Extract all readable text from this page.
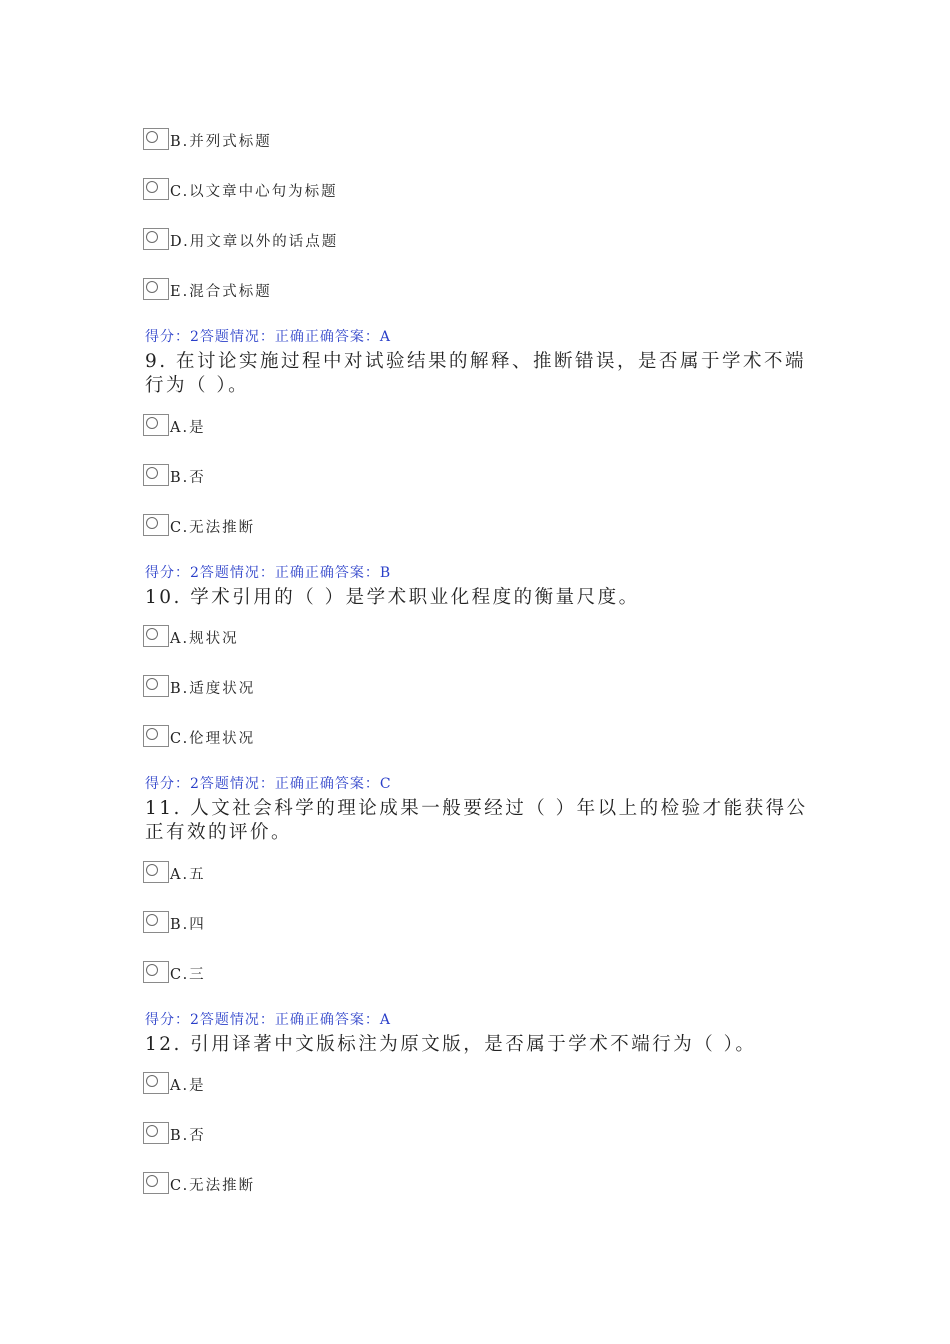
B.并列式标题
C.以文章中心句为标题
D.用文章以外的话点题
E.混合式标题
得分：2答题情况：正确正确答案：A
9. 在讨论实施过程中对试验结果的解释、推断错误，是否属于学术不端行为（ ）。
A.是
B.否
C.无法推断
得分：2答题情况：正确正确答案：B
10. 学术引用的（ ）是学术职业化程度的衡量尺度。
A.规状况
B.适度状况
C.伦理状况
得分：2答题情况：正确正确答案：C
11. 人文社会科学的理论成果一般要经过（ ）年以上的检验才能获得公正有效的评价。
A.五
B.四
C.三
得分：2答题情况：正确正确答案：A
12. 引用译著中文版标注为原文版，是否属于学术不端行为（ ）。
A.是
B.否
C.无法推断
